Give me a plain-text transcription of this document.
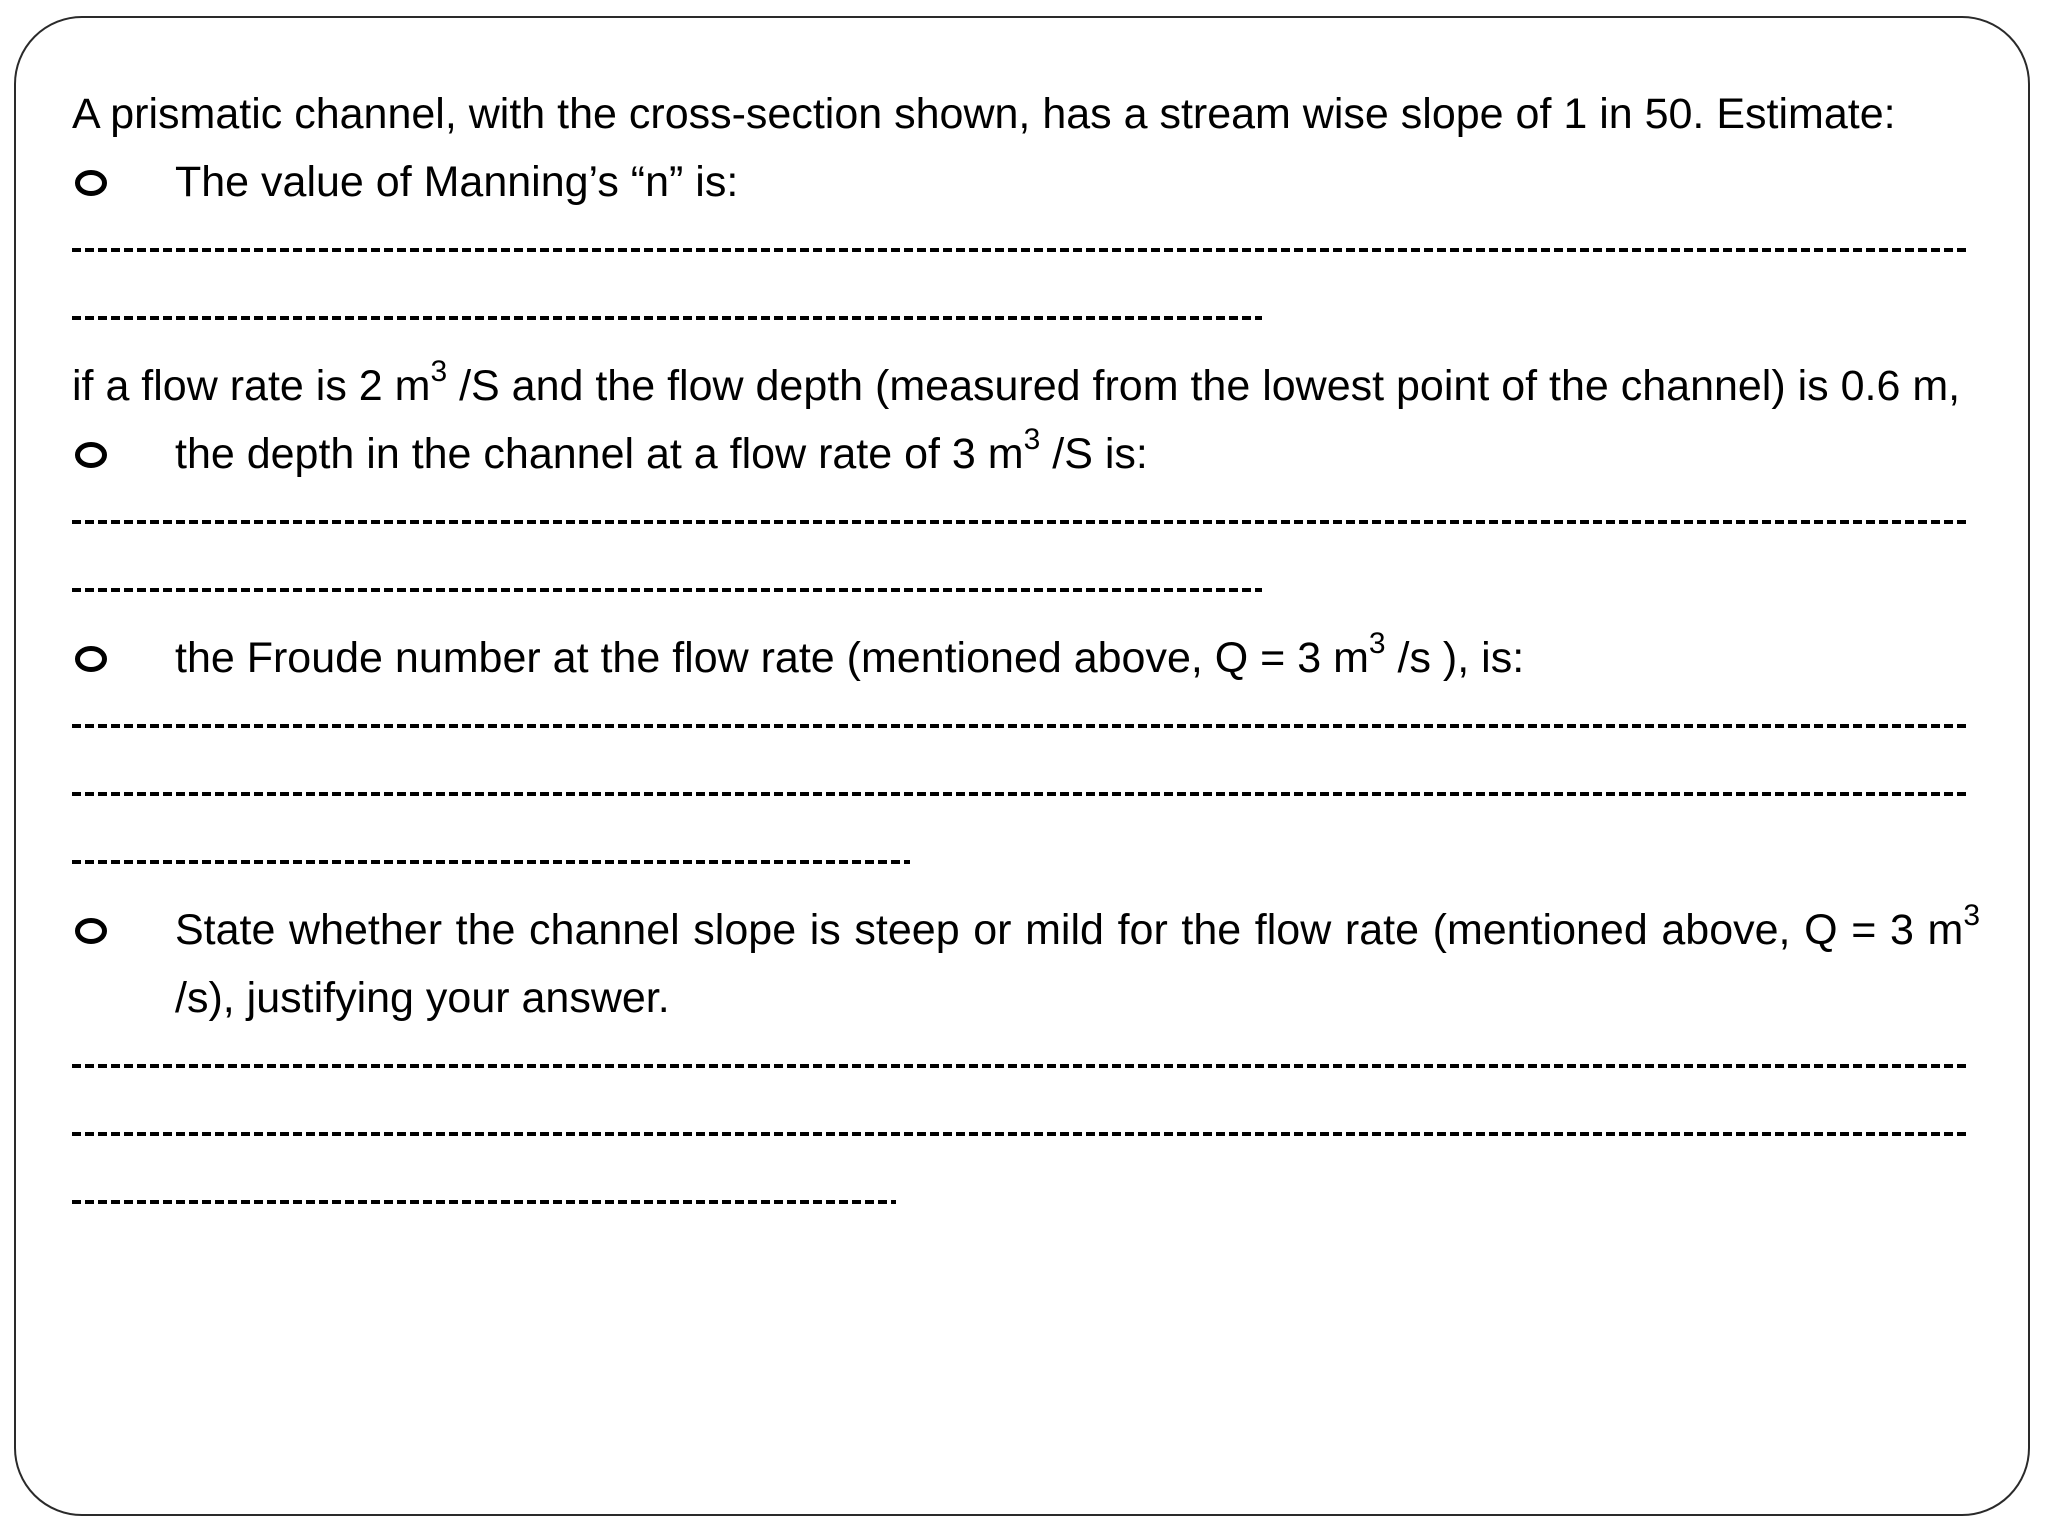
A prismatic channel, with the cross-section shown, has a stream wise slope of 1 in 50. Estimate:
The value of Manning’s “n” is:
if a flow rate is 2 $m^3$ /S and the flow depth (measured from the lowest point of the channel) is 0.6 m,
the depth in the channel at a flow rate of 3 $m^3$ /S is:
the Froude number at the flow rate (mentioned above, Q = 3 $m^3$ /s ), is:
State whether the channel slope is steep or mild for the flow rate (mentioned above, Q = 3 $m^3$ /s), justifying your answer.
